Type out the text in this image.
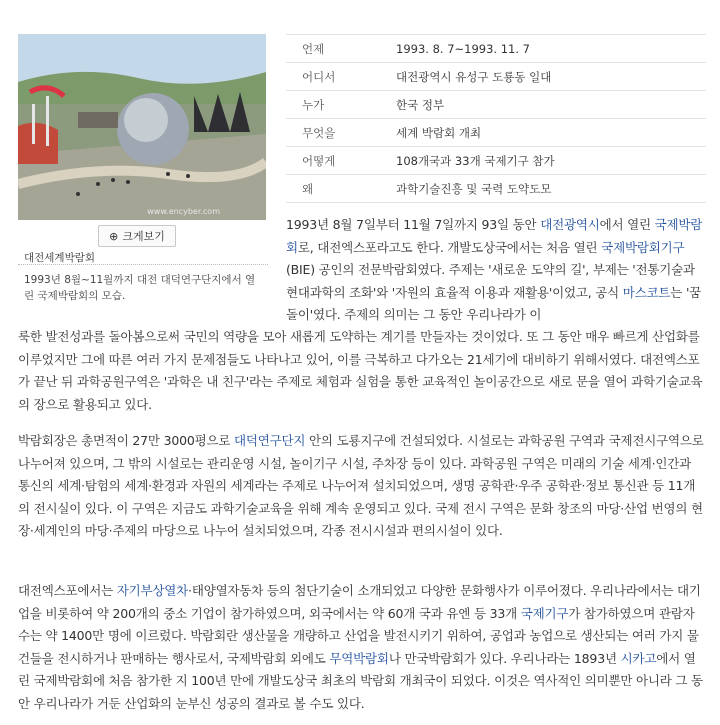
www.encyber.com
⊕ 크게보기
대전세계박람회
1993년 8월~11월까지 대전 대덕연구단지에서 열린 국제박람회의 모습.
언제	1993. 8. 7~1993. 11. 7
어디서	대전광역시 유성구 도룡동 일대
누가	한국 정부
무엇을	세계 박람회 개최
어떻게	108개국과 33개 국제기구 참가
왜	과학기술진흥 및 국력 도약도모
1993년 8월 7일부터 11월 7일까지 93일 동안 대전광역시에서 열린 국제박람회로, 대전엑스포라고도 한다. 개발도상국에서는 처음 열린 국제박람회기구(BIE) 공인의 전문박람회였다. 주제는 '새로운 도약의 길', 부제는 '전통기술과 현대과학의 조화'와 '자원의 효율적 이용과 재활용'이었고, 공식 마스코트는 '꿈돌이'였다. 주제의 의미는 그 동안 우리나라가 이
룩한 발전성과를 돌아봄으로써 국민의 역량을 모아 새롭게 도약하는 계기를 만들자는 것이었다. 또 그 동안 매우 빠르게 산업화를 이루었지만 그에 따른 여러 가지 문제점들도 나타나고 있어, 이를 극복하고 다가오는 21세기에 대비하기 위해서였다. 대전엑스포가 끝난 뒤 과학공원구역은 '과학은 내 친구'라는 주제로 체험과 실험을 통한 교육적인 놀이공간으로 새로 문을 열어 과학기술교육의 장으로 활용되고 있다.
박람회장은 총면적이 27만 3000평으로 대덕연구단지 안의 도룡지구에 건설되었다. 시설로는 과학공원 구역과 국제전시구역으로 나누어져 있으며, 그 밖의 시설로는 관리운영 시설, 놀이기구 시설, 주차장 등이 있다. 과학공원 구역은 미래의 기술 세계·인간과 통신의 세계·탐험의 세계·환경과 자원의 세계라는 주제로 나누어져 설치되었으며, 생명 공학관·우주 공학관·정보 통신관 등 11개의 전시실이 있다. 이 구역은 지금도 과학기술교육을 위해 계속 운영되고 있다. 국제 전시 구역은 문화 창조의 마당·산업 번영의 현장·세계인의 마당·주제의 마당으로 나누어 설치되었으며, 각종 전시시설과 편의시설이 있다.
대전엑스포에서는 자기부상열차·태양열자동차 등의 첨단기술이 소개되었고 다양한 문화행사가 이루어졌다. 우리나라에서는 대기업을 비롯하여 약 200개의 중소 기업이 참가하였으며, 외국에서는 약 60개 국과 유엔 등 33개 국제기구가 참가하였으며 관람자 수는 약 1400만 명에 이르렀다. 박람회란 생산물을 개량하고 산업을 발전시키기 위하여, 공업과 농업으로 생산되는 여러 가지 물건들을 전시하거나 판매하는 행사로서, 국제박람회 외에도 무역박람회나 만국박람회가 있다. 우리나라는 1893년 시카고에서 열린 국제박람회에 처음 참가한 지 100년 만에 개발도상국 최초의 박람회 개최국이 되었다. 이것은 역사적인 의미뿐만 아니라 그 동안 우리나라가 거둔 산업화의 눈부신 성공의 결과로 볼 수도 있다.
